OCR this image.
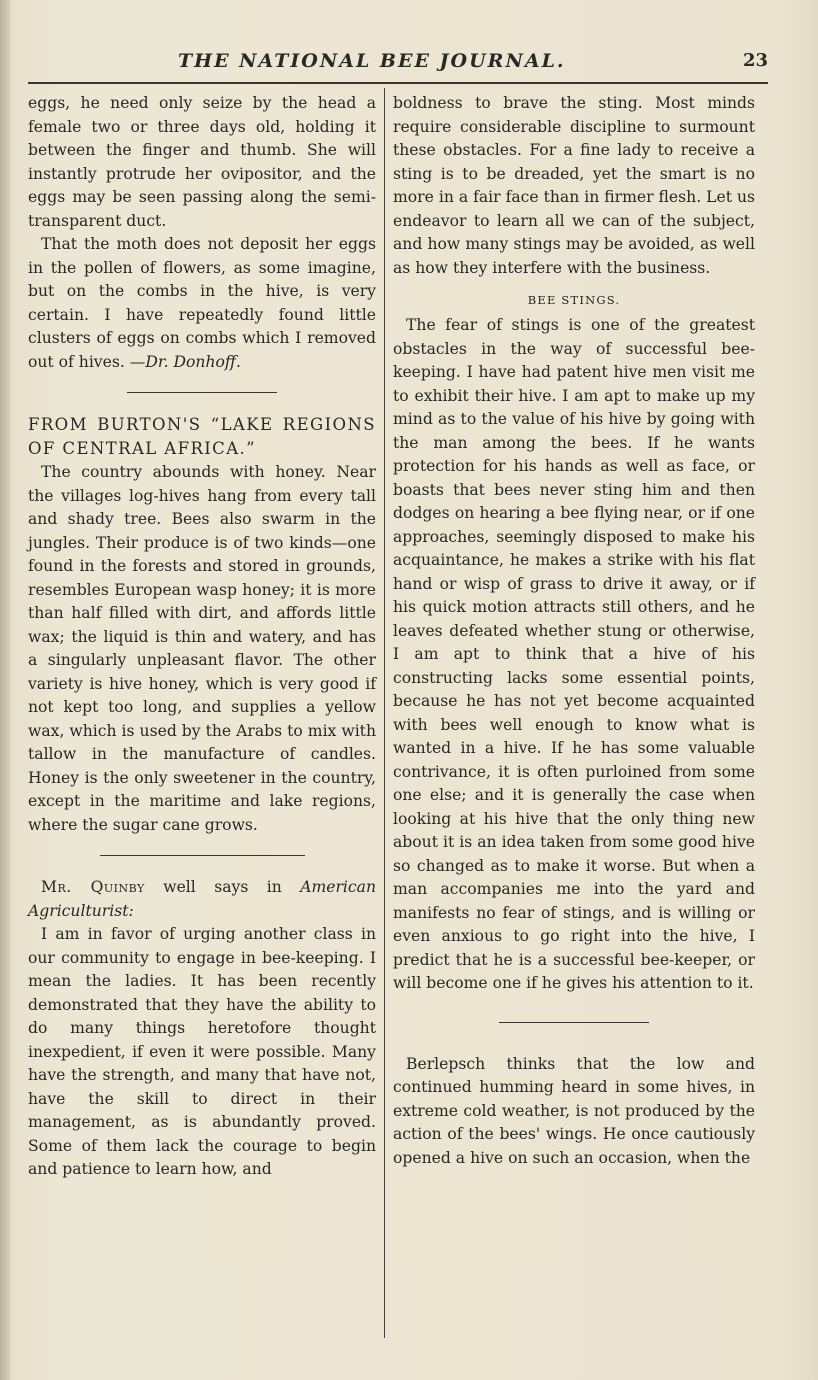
THE NATIONAL BEE JOURNAL.	23

eggs, he need only seize by the head a female two or three days old, holding it between the finger and thumb. She will instantly protrude her ovipositor, and the eggs may be seen passing along the semi-transparent duct.

That the moth does not deposit her eggs in the pollen of flowers, as some imagine, but on the combs in the hive, is very certain. I have repeatedly found little clusters of eggs on combs which I removed out of hives. —Dr. Donhoff.

FROM BURTON'S “LAKE REGIONS OF CENTRAL AFRICA.”

The country abounds with honey. Near the villages log-hives hang from every tall and shady tree. Bees also swarm in the jungles. Their produce is of two kinds—one found in the forests and stored in grounds, resembles European wasp honey; it is more than half filled with dirt, and affords little wax; the liquid is thin and watery, and has a singularly unpleasant flavor. The other variety is hive honey, which is very good if not kept too long, and supplies a yellow wax, which is used by the Arabs to mix with tallow in the manufacture of candles. Honey is the only sweetener in the country, except in the maritime and lake regions, where the sugar cane grows.

Mr. Quinby well says in American Agriculturist:

I am in favor of urging another class in our community to engage in bee-keeping. I mean the ladies. It has been recently demonstrated that they have the ability to do many things heretofore thought inexpedient, if even it were possible. Many have the strength, and many that have not, have the skill to direct in their management, as is abundantly proved. Some of them lack the courage to begin and patience to learn how, and

boldness to brave the sting. Most minds require considerable discipline to surmount these obstacles. For a fine lady to receive a sting is to be dreaded, yet the smart is no more in a fair face than in firmer flesh. Let us endeavor to learn all we can of the subject, and how many stings may be avoided, as well as how they interfere with the business.

BEE STINGS.

The fear of stings is one of the greatest obstacles in the way of successful bee-keeping. I have had patent hive men visit me to exhibit their hive. I am apt to make up my mind as to the value of his hive by going with the man among the bees. If he wants protection for his hands as well as face, or boasts that bees never sting him and then dodges on hearing a bee flying near, or if one approaches, seemingly disposed to make his acquaintance, he makes a strike with his flat hand or wisp of grass to drive it away, or if his quick motion attracts still others, and he leaves defeated whether stung or otherwise, I am apt to think that a hive of his constructing lacks some essential points, because he has not yet become acquainted with bees well enough to know what is wanted in a hive. If he has some valuable contrivance, it is often purloined from some one else; and it is generally the case when looking at his hive that the only thing new about it is an idea taken from some good hive so changed as to make it worse. But when a man accompanies me into the yard and manifests no fear of stings, and is willing or even anxious to go right into the hive, I predict that he is a successful bee-keeper, or will become one if he gives his attention to it.

Berlepsch thinks that the low and continued humming heard in some hives, in extreme cold weather, is not produced by the action of the bees' wings. He once cautiously opened a hive on such an occasion, when the
